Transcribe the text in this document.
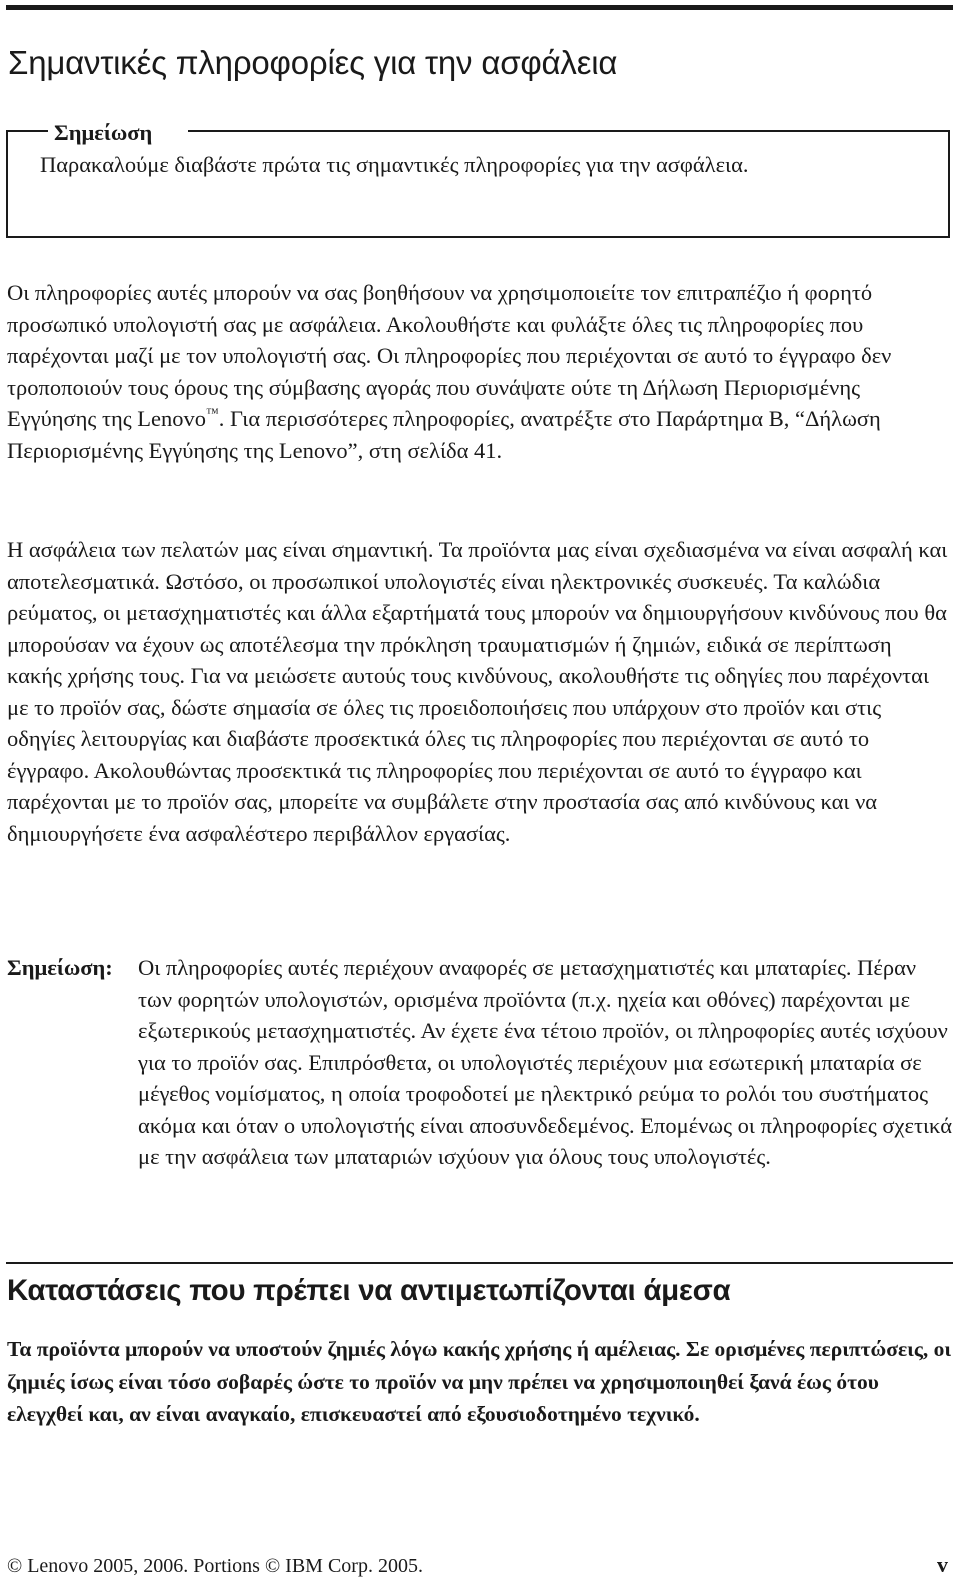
Σημαντικές πληροφορίες για την ασφάλεια
Σημείωση

Παρακαλούμε διαβάστε πρώτα τις σημαντικές πληροφορίες για την ασφάλεια.

Οι πληροφορίες αυτές μπορούν να σας βοηθήσουν να χρησιμοποιείτε τον επιτραπέζιο ή φορητό προσωπικό υπολογιστή σας με ασφάλεια. Ακολουθήστε και φυλάξτε όλες τις πληροφορίες που παρέχονται μαζί με τον υπολογιστή σας. Οι πληροφορίες που περιέχονται σε αυτό το έγγραφο δεν τροποποιούν τους όρους της σύμβασης αγοράς που συνάψατε ούτε τη Δήλωση Περιορισμένης Εγγύησης της Lenovo™. Για περισσότερες πληροφορίες, ανατρέξτε στο Παράρτημα B, “Δήλωση Περιορισμένης Εγγύησης της Lenovo”, στη σελίδα 41.

Η ασφάλεια των πελατών μας είναι σημαντική. Τα προϊόντα μας είναι σχεδιασμένα να είναι ασφαλή και αποτελεσματικά. Ωστόσο, οι προσωπικοί υπολογιστές είναι ηλεκτρονικές συσκευές. Τα καλώδια ρεύματος, οι μετασχηματιστές και άλλα εξαρτήματά τους μπορούν να δημιουργήσουν κινδύνους που θα μπορούσαν να έχουν ως αποτέλεσμα την πρόκληση τραυματισμών ή ζημιών, ειδικά σε περίπτωση κακής χρήσης τους. Για να μειώσετε αυτούς τους κινδύνους, ακολουθήστε τις οδηγίες που παρέχονται με το προϊόν σας, δώστε σημασία σε όλες τις προειδοποιήσεις που υπάρχουν στο προϊόν και στις οδηγίες λειτουργίας και διαβάστε προσεκτικά όλες τις πληροφορίες που περιέχονται σε αυτό το έγγραφο. Ακολουθώντας προσεκτικά τις πληροφορίες που περιέχονται σε αυτό το έγγραφο και παρέχονται με το προϊόν σας, μπορείτε να συμβάλετε στην προστασία σας από κινδύνους και να δημιουργήσετε ένα ασφαλέστερο περιβάλλον εργασίας.

Σημείωση: Οι πληροφορίες αυτές περιέχουν αναφορές σε μετασχηματιστές και μπαταρίες. Πέραν των φορητών υπολογιστών, ορισμένα προϊόντα (π.χ. ηχεία και οθόνες) παρέχονται με εξωτερικούς μετασχηματιστές. Αν έχετε ένα τέτοιο προϊόν, οι πληροφορίες αυτές ισχύουν για το προϊόν σας. Επιπρόσθετα, οι υπολογιστές περιέχουν μια εσωτερική μπαταρία σε μέγεθος νομίσματος, η οποία τροφοδοτεί με ηλεκτρικό ρεύμα το ρολόι του συστήματος ακόμα και όταν ο υπολογιστής είναι αποσυνδεδεμένος. Επομένως οι πληροφορίες σχετικά με την ασφάλεια των μπαταριών ισχύουν για όλους τους υπολογιστές.

Καταστάσεις που πρέπει να αντιμετωπίζονται άμεσα

Τα προϊόντα μπορούν να υποστούν ζημιές λόγω κακής χρήσης ή αμέλειας. Σε ορισμένες περιπτώσεις, οι ζημιές ίσως είναι τόσο σοβαρές ώστε το προϊόν να μην πρέπει να χρησιμοποιηθεί ξανά έως ότου ελεγχθεί και, αν είναι αναγκαίο, επισκευαστεί από εξουσιοδοτημένο τεχνικό.

© Lenovo 2005, 2006. Portions © IBM Corp. 2005.	v
